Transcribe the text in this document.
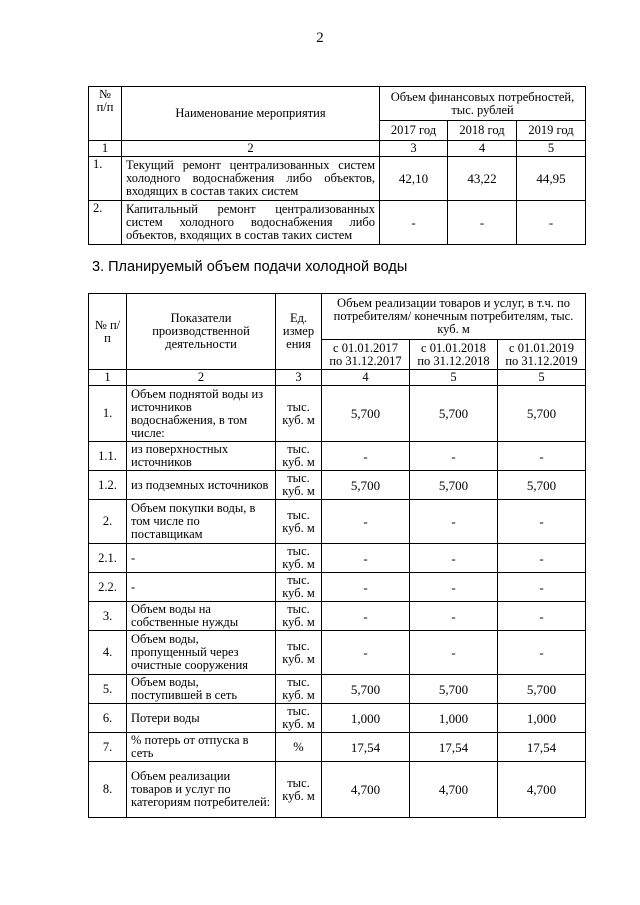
2
№ п/п	Наименование мероприятия	Объем финансовых потребностей, тыс. рублей		
		2017 год	2018 год	2019 год
1	2	3	4	5
1.	Текущий ремонт централизованных систем холодного водоснабжения либо объектов, входящих в состав таких систем	42,10	43,22	44,95
2.	Капитальный ремонт централизованных систем холодного водоснабжения либо объектов, входящих в состав таких систем	-	-	-
3. Планируемый объем подачи холодной воды
№ п/п	Показатели производственной деятельности	Ед. измер ения	Объем реализации товаров и услуг, в т.ч. по потребителям/ конечным потребителям, тыс. куб. м		
			с 01.01.2017 по 31.12.2017	с 01.01.2018 по 31.12.2018	с 01.01.2019 по 31.12.2019
1	2	3	4	5	5
1.	Объем поднятой воды из источников водоснабжения, в том числе:	тыс. куб. м	5,700	5,700	5,700
1.1.	из поверхностных источников	тыс. куб. м	-	-	-
1.2.	из подземных источников	тыс. куб. м	5,700	5,700	5,700
2.	Объем покупки воды, в том числе по поставщикам	тыс. куб. м	-	-	-
2.1.	-	тыс. куб. м	-	-	-
2.2.	-	тыс. куб. м	-	-	-
3.	Объем воды на собственные нужды	тыс. куб. м	-	-	-
4.	Объем воды, пропущенный через очистные сооружения	тыс. куб. м	-	-	-
5.	Объем воды, поступившей в сеть	тыс. куб. м	5,700	5,700	5,700
6.	Потери воды	тыс. куб. м	1,000	1,000	1,000
7.	% потерь от отпуска в сеть	%	17,54	17,54	17,54
8.	Объем реализации товаров и услуг по категориям потребителей:	тыс. куб. м	4,700	4,700	4,700
